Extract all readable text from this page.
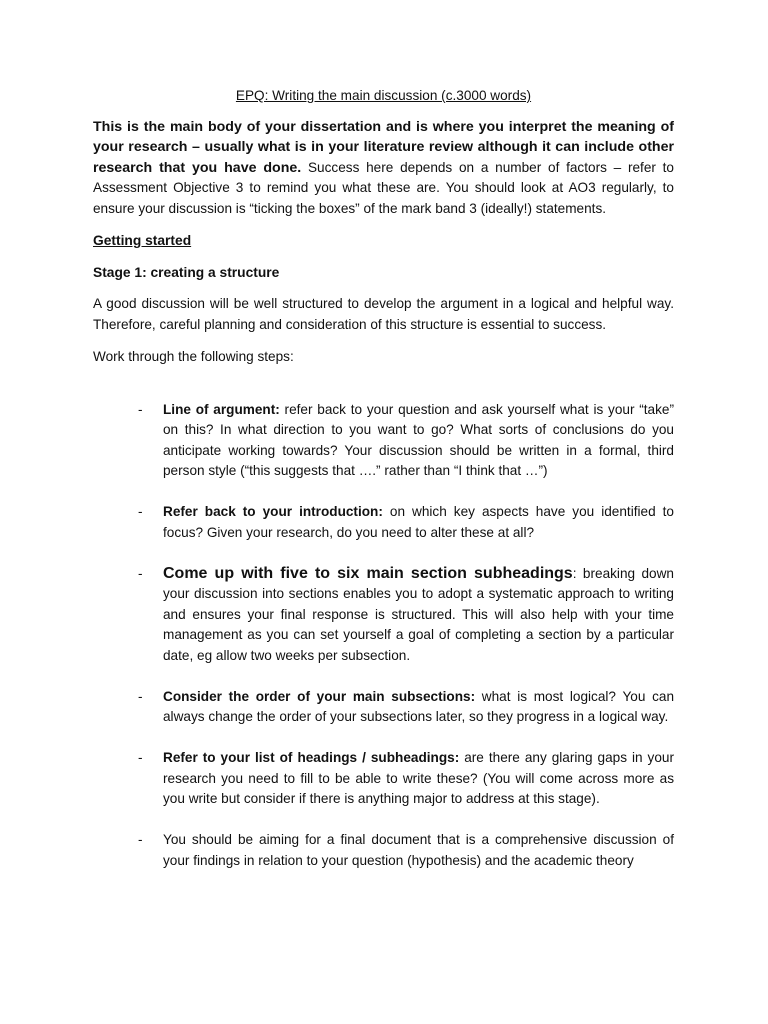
EPQ: Writing the main discussion (c.3000 words)

This is the main body of your dissertation and is where you interpret the meaning of your research – usually what is in your literature review although it can include other research that you have done. Success here depends on a number of factors – refer to Assessment Objective 3 to remind you what these are. You should look at AO3 regularly, to ensure your discussion is “ticking the boxes” of the mark band 3 (ideally!) statements.

Getting started

Stage 1: creating a structure

A good discussion will be well structured to develop the argument in a logical and helpful way. Therefore, careful planning and consideration of this structure is essential to success.

Work through the following steps:

- Line of argument: refer back to your question and ask yourself what is your “take” on this? In what direction to you want to go? What sorts of conclusions do you anticipate working towards? Your discussion should be written in a formal, third person style (“this suggests that ….” rather than “I think that …”)
- Refer back to your introduction: on which key aspects have you identified to focus? Given your research, do you need to alter these at all?
- Come up with five to six main section subheadings: breaking down your discussion into sections enables you to adopt a systematic approach to writing and ensures your final response is structured. This will also help with your time management as you can set yourself a goal of completing a section by a particular date, eg allow two weeks per subsection.
- Consider the order of your main subsections: what is most logical? You can always change the order of your subsections later, so they progress in a logical way.
- Refer to your list of headings / subheadings: are there any glaring gaps in your research you need to fill to be able to write these? (You will come across more as you write but consider if there is anything major to address at this stage).
- You should be aiming for a final document that is a comprehensive discussion of your findings in relation to your question (hypothesis) and the academic theory
